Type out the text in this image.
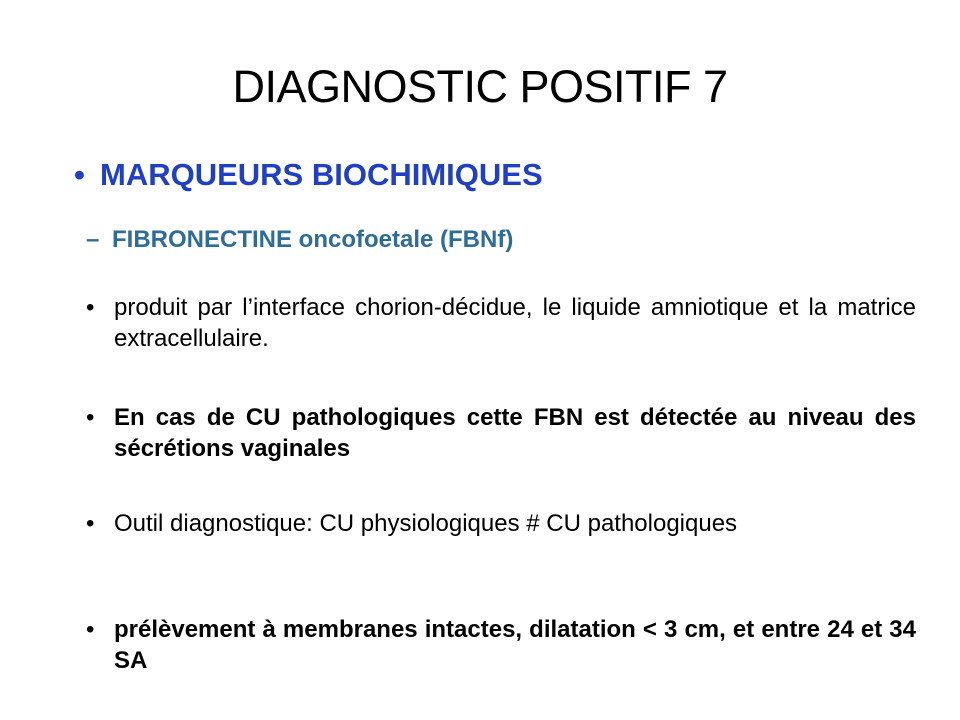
DIAGNOSTIC POSITIF 7
• MARQUEURS BIOCHIMIQUES
– FIBRONECTINE oncofoetale (FBNf)
• produit par l’interface chorion-décidue, le liquide amniotique et la matrice extracellulaire.
• En cas de CU pathologiques cette FBN est détectée au niveau des sécrétions vaginales
• Outil diagnostique: CU physiologiques # CU pathologiques
• prélèvement à membranes intactes, dilatation < 3 cm, et entre 24 et 34 SA
